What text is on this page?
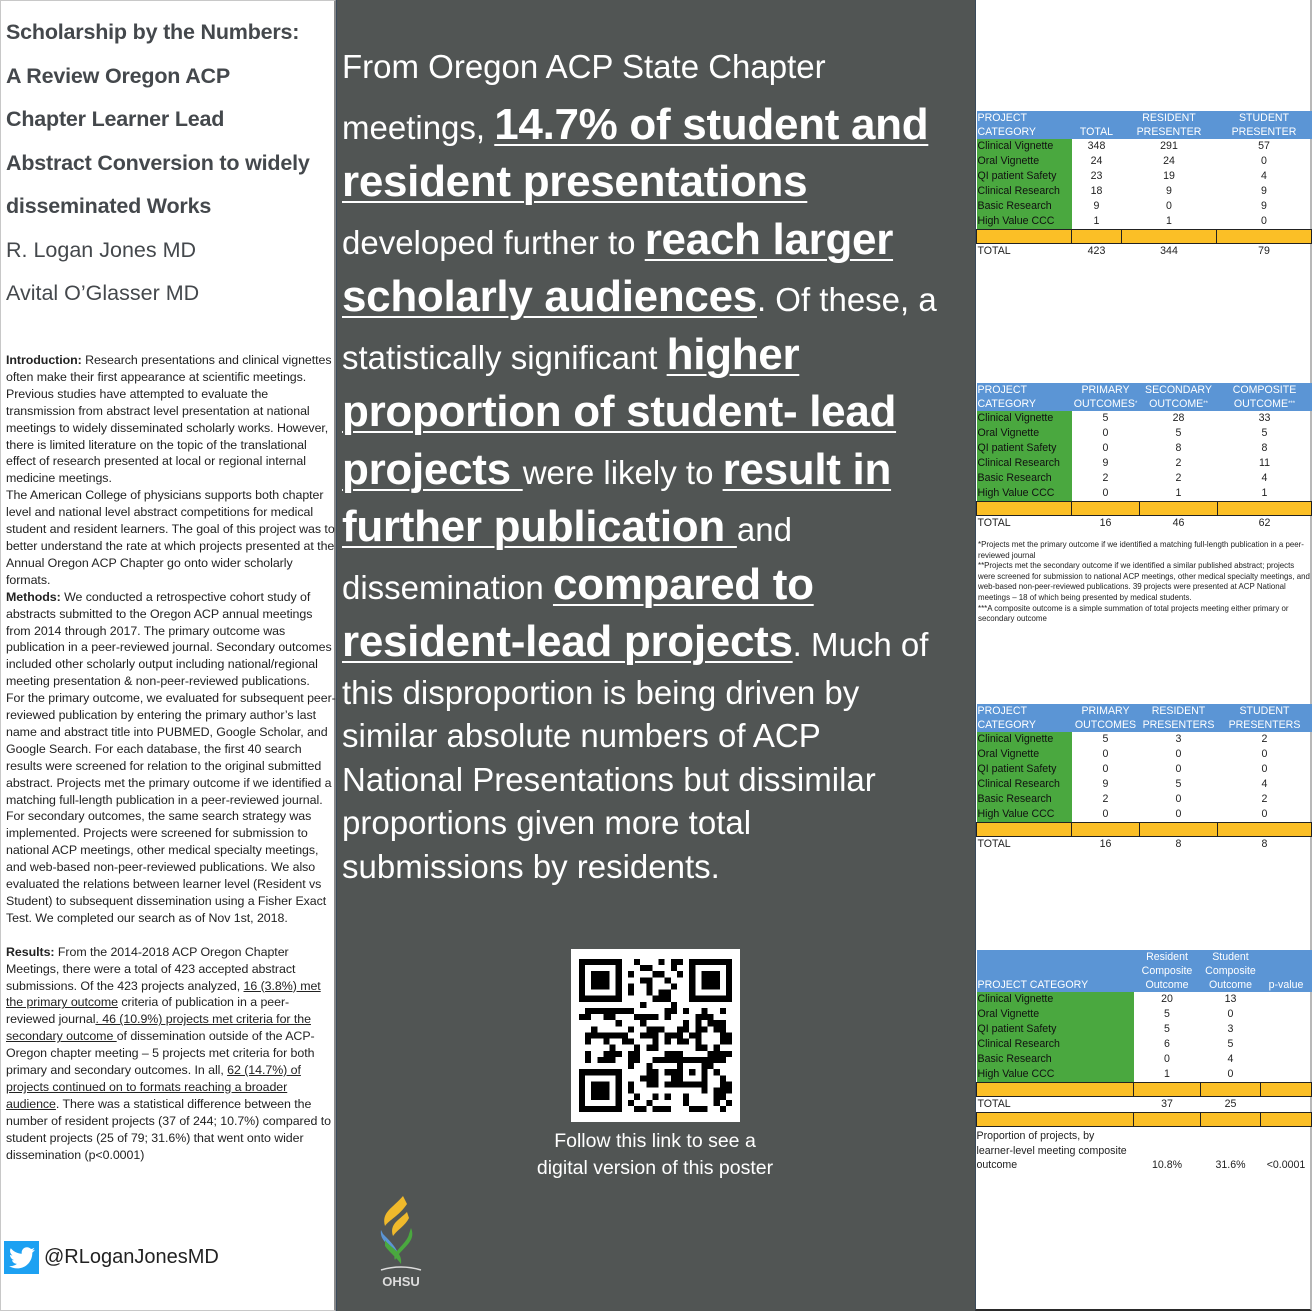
Scholarship by the Numbers:
A Review Oregon ACP
Chapter Learner Lead
Abstract Conversion to widely
disseminated Works
R. Logan Jones MD
Avital O’Glasser MD

Introduction: Research presentations and clinical vignettes often make their first appearance at scientific meetings. Previous studies have attempted to evaluate the transmission from abstract level presentation at national meetings to widely disseminated scholarly works. However, there is limited literature on the topic of the translational effect of research presented at local or regional internal medicine meetings.

The American College of physicians supports both chapter level and national level abstract competitions for medical student and resident learners. The goal of this project was to better understand the rate at which projects presented at the Annual Oregon ACP Chapter go onto wider scholarly formats.

Methods: We conducted a retrospective cohort study of abstracts submitted to the Oregon ACP annual meetings from 2014 through 2017. The primary outcome was publication in a peer-reviewed journal. Secondary outcomes included other scholarly output including national/regional meeting presentation & non-peer-reviewed publications.

For the primary outcome, we evaluated for subsequent peer-reviewed publication by entering the primary author’s last name and abstract title into PUBMED, Google Scholar, and Google Search. For each database, the first 40 search results were screened for relation to the original submitted abstract. Projects met the primary outcome if we identified a matching full-length publication in a peer-reviewed journal. For secondary outcomes, the same search strategy was implemented. Projects were screened for submission to national ACP meetings, other medical specialty meetings, and web-based non-peer-reviewed publications. We also evaluated the relations between learner level (Resident vs Student) to subsequent dissemination using a Fisher Exact Test. We completed our search as of Nov 1st, 2018.

Results: From the 2014-2018 ACP Oregon Chapter Meetings, there were a total of 423 accepted abstract submissions. Of the 423 projects analyzed, 16 (3.8%) met the primary outcome criteria of publication in a peer-reviewed journal. 46 (10.9%) projects met criteria for the secondary outcome of dissemination outside of the ACP-Oregon chapter meeting – 5 projects met criteria for both primary and secondary outcomes. In all, 62 (14.7%) of projects continued on to formats reaching a broader audience. There was a statistical difference between the number of resident projects (37 of 244; 10.7%) compared to student projects (25 of 79; 31.6%) that went onto wider dissemination (p<0.0001)

@RLoganJonesMD
From Oregon ACP State Chapter
meetings, 14.7% of student and
resident presentations
developed further to reach larger
scholarly audiences. Of these, a
statistically significant higher
proportion of student- lead
projects were likely to result in
further publication and
dissemination compared to
resident-lead projects. Much of
this disproportion is being driven by
similar absolute numbers of ACP
National Presentations but dissimilar
proportions given more total
submissions by residents.
Follow this link to see a
digital version of this poster
OHSU
PROJECT CATEGORY	TOTAL	RESIDENT PRESENTER	STUDENT PRESENTER
Clinical Vignette	348	291	57
Oral Vignette	24	24	0
QI patient Safety	23	19	4
Clinical Research	18	9	9
Basic Research	9	0	9
High Value CCC	1	1	0

TOTAL	423	344	79
PROJECT CATEGORY	PRIMARY OUTCOMES*	SECONDARY OUTCOME**	COMPOSITE OUTCOME***
Clinical Vignette	5	28	33
Oral Vignette	0	5	5
QI patient Safety	0	8	8
Clinical Research	9	2	11
Basic Research	2	2	4
High Value CCC	0	1	1

TOTAL	16	46	62
*Projects met the primary outcome if we identified a matching full-length publication in a peer-reviewed journal
**Projects met the secondary outcome if we identified a similar published abstract; projects were screened for submission to national ACP meetings, other medical specialty meetings, and web-based non-peer-reviewed publications. 39 projects were presented at ACP National meetings – 18 of which being presented by medical students.
***A composite outcome is a simple summation of total projects meeting either primary or secondary outcome
PROJECT CATEGORY	PRIMARY OUTCOMES	RESIDENT PRESENTERS	STUDENT PRESENTERS
Clinical Vignette	5	3	2
Oral Vignette	0	0	0
QI patient Safety	0	0	0
Clinical Research	9	5	4
Basic Research	2	0	2
High Value CCC	0	0	0

TOTAL	16	8	8
PROJECT CATEGORY	Resident Composite Outcome	Student Composite Outcome	p-value
Clinical Vignette	20	13	
Oral Vignette	5	0	
QI patient Safety	5	3	
Clinical Research	6	5	
Basic Research	0	4	
High Value CCC	1	0	

TOTAL	37	25	

Proportion of projects, by learner-level meeting composite outcome	10.8%	31.6%	<0.0001
